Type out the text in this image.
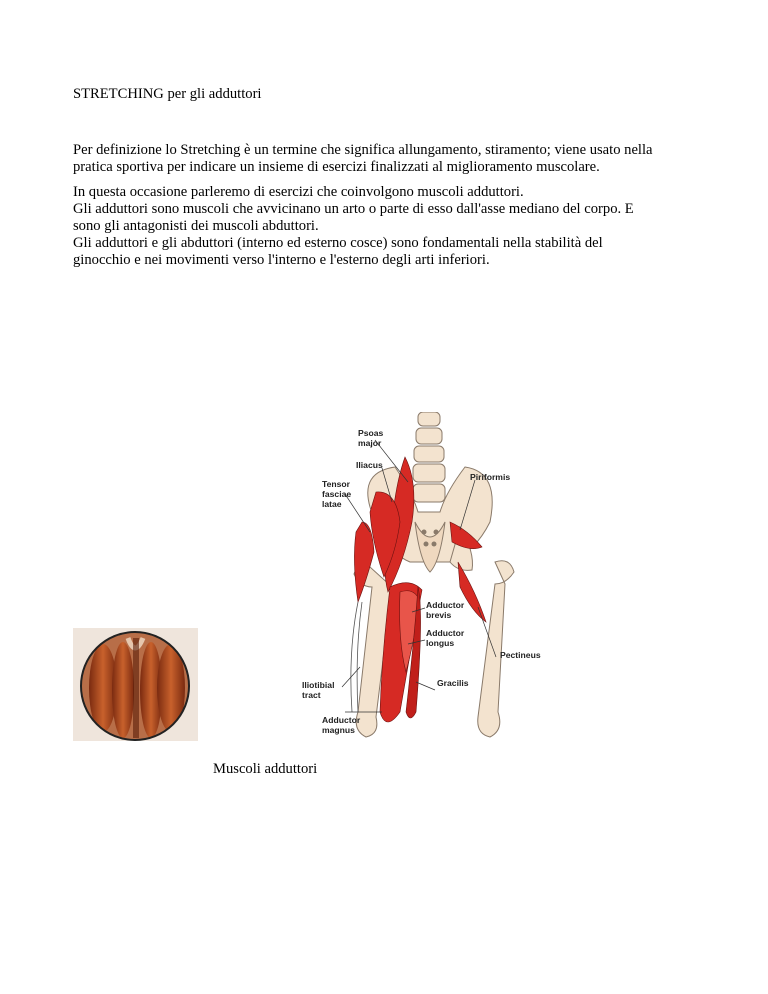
STRETCHING per gli adduttori

Per definizione lo Stretching è un termine che significa allungamento, stiramento; viene usato nella

pratica sportiva per indicare un insieme di esercizi finalizzati al miglioramento muscolare.

In questa occasione parleremo di esercizi che coinvolgono muscoli adduttori.

Gli adduttori sono muscoli che avvicinano un arto o parte di esso dall'asse mediano del corpo. E

sono gli antagonisti dei muscoli abduttori.

Gli adduttori e gli abduttori (interno ed esterno cosce) sono fondamentali nella stabilità del

ginocchio e nei movimenti verso l'interno e l'esterno degli arti inferiori.

Psoas
major
Iliacus
Tensor
fasciae
latae
Piriformis
Adductor
brevis
Adductor
longus
Pectineus
Gracilis
Iliotibial
tract
Adductor
magnus
Muscoli adduttori
